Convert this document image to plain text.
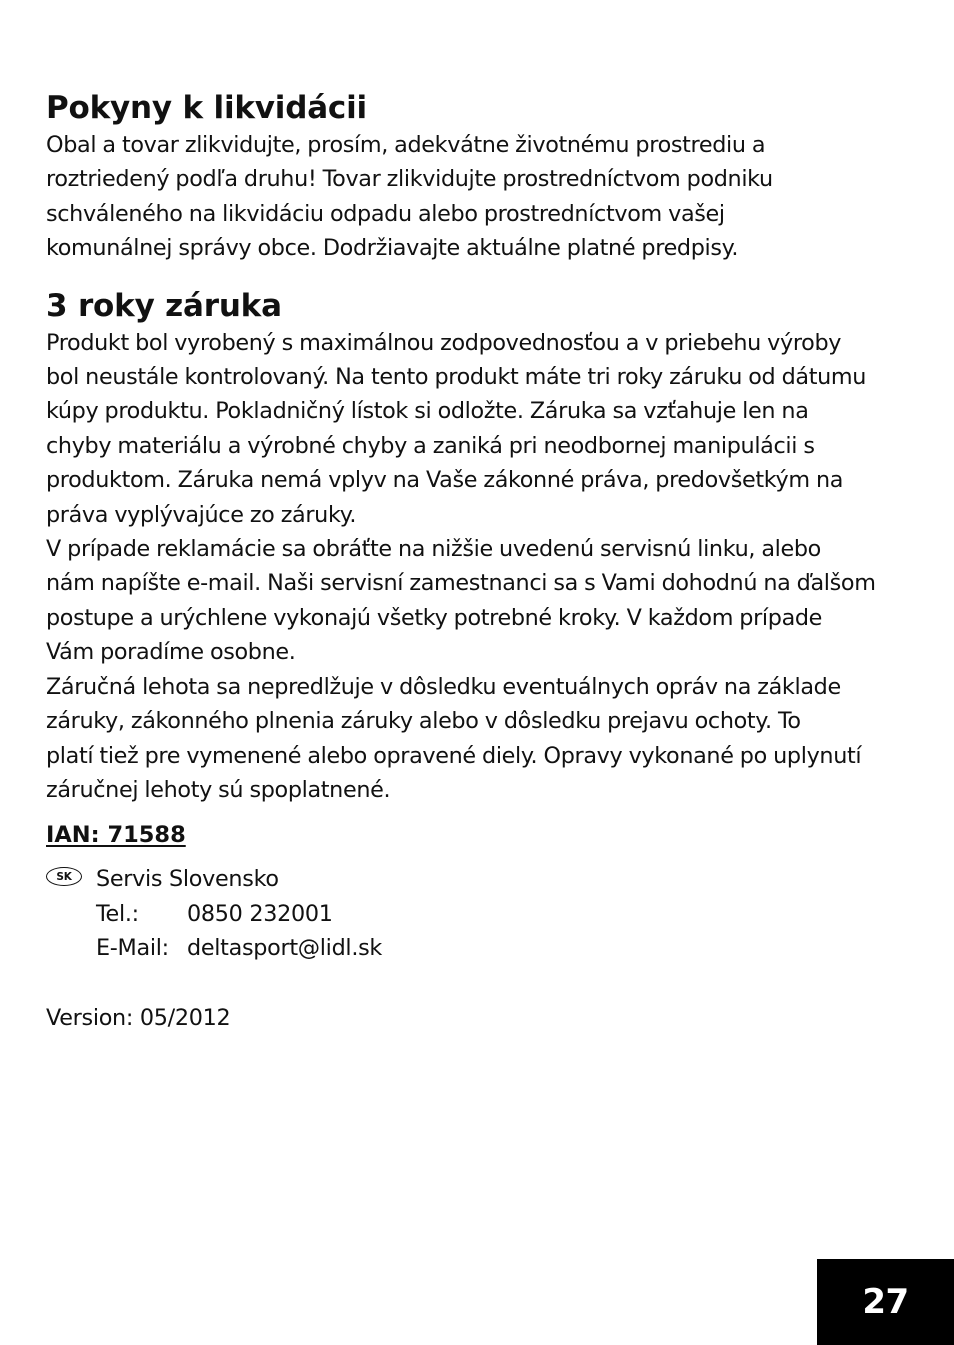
Pokyny k likvidácii

Obal a tovar zlikvidujte, prosím, adekvátne životnému prostrediu a
roztriedený podľa druhu! Tovar zlikvidujte prostredníctvom podniku
schváleného na likvidáciu odpadu alebo prostredníctvom vašej
komunálnej správy obce. Dodržiavajte aktuálne platné predpisy.

3 roky záruka

Produkt bol vyrobený s maximálnou zodpovednosťou a v priebehu výroby
bol neustále kontrolovaný. Na tento produkt máte tri roky záruku od dátumu
kúpy produktu. Pokladničný lístok si odložte. Záruka sa vzťahuje len na
chyby materiálu a výrobné chyby a zaniká pri neodbornej manipulácii s
produktom. Záruka nemá vplyv na Vaše zákonné práva, predovšetkým na
práva vyplývajúce zo záruky.
V prípade reklamácie sa obráťte na nižšie uvedenú servisnú linku, alebo
nám napíšte e-mail. Naši servisní zamestnanci sa s Vami dohodnú na ďalšom
postupe a urýchlene vykonajú všetky potrebné kroky. V každom prípade
Vám poradíme osobne.
Záručná lehota sa nepredlžuje v dôsledku eventuálnych opráv na základe
záruky, zákonného plnenia záruky alebo v dôsledku prejavu ochoty. To
platí tiež pre vymenené alebo opravené diely. Opravy vykonané po uplynutí
záručnej lehoty sú spoplatnené.

IAN: 71588
SK	Servis Slovensko
Tel.:	0850 232001
E-Mail: deltasport@lidl.sk
Version: 05/2012
27
